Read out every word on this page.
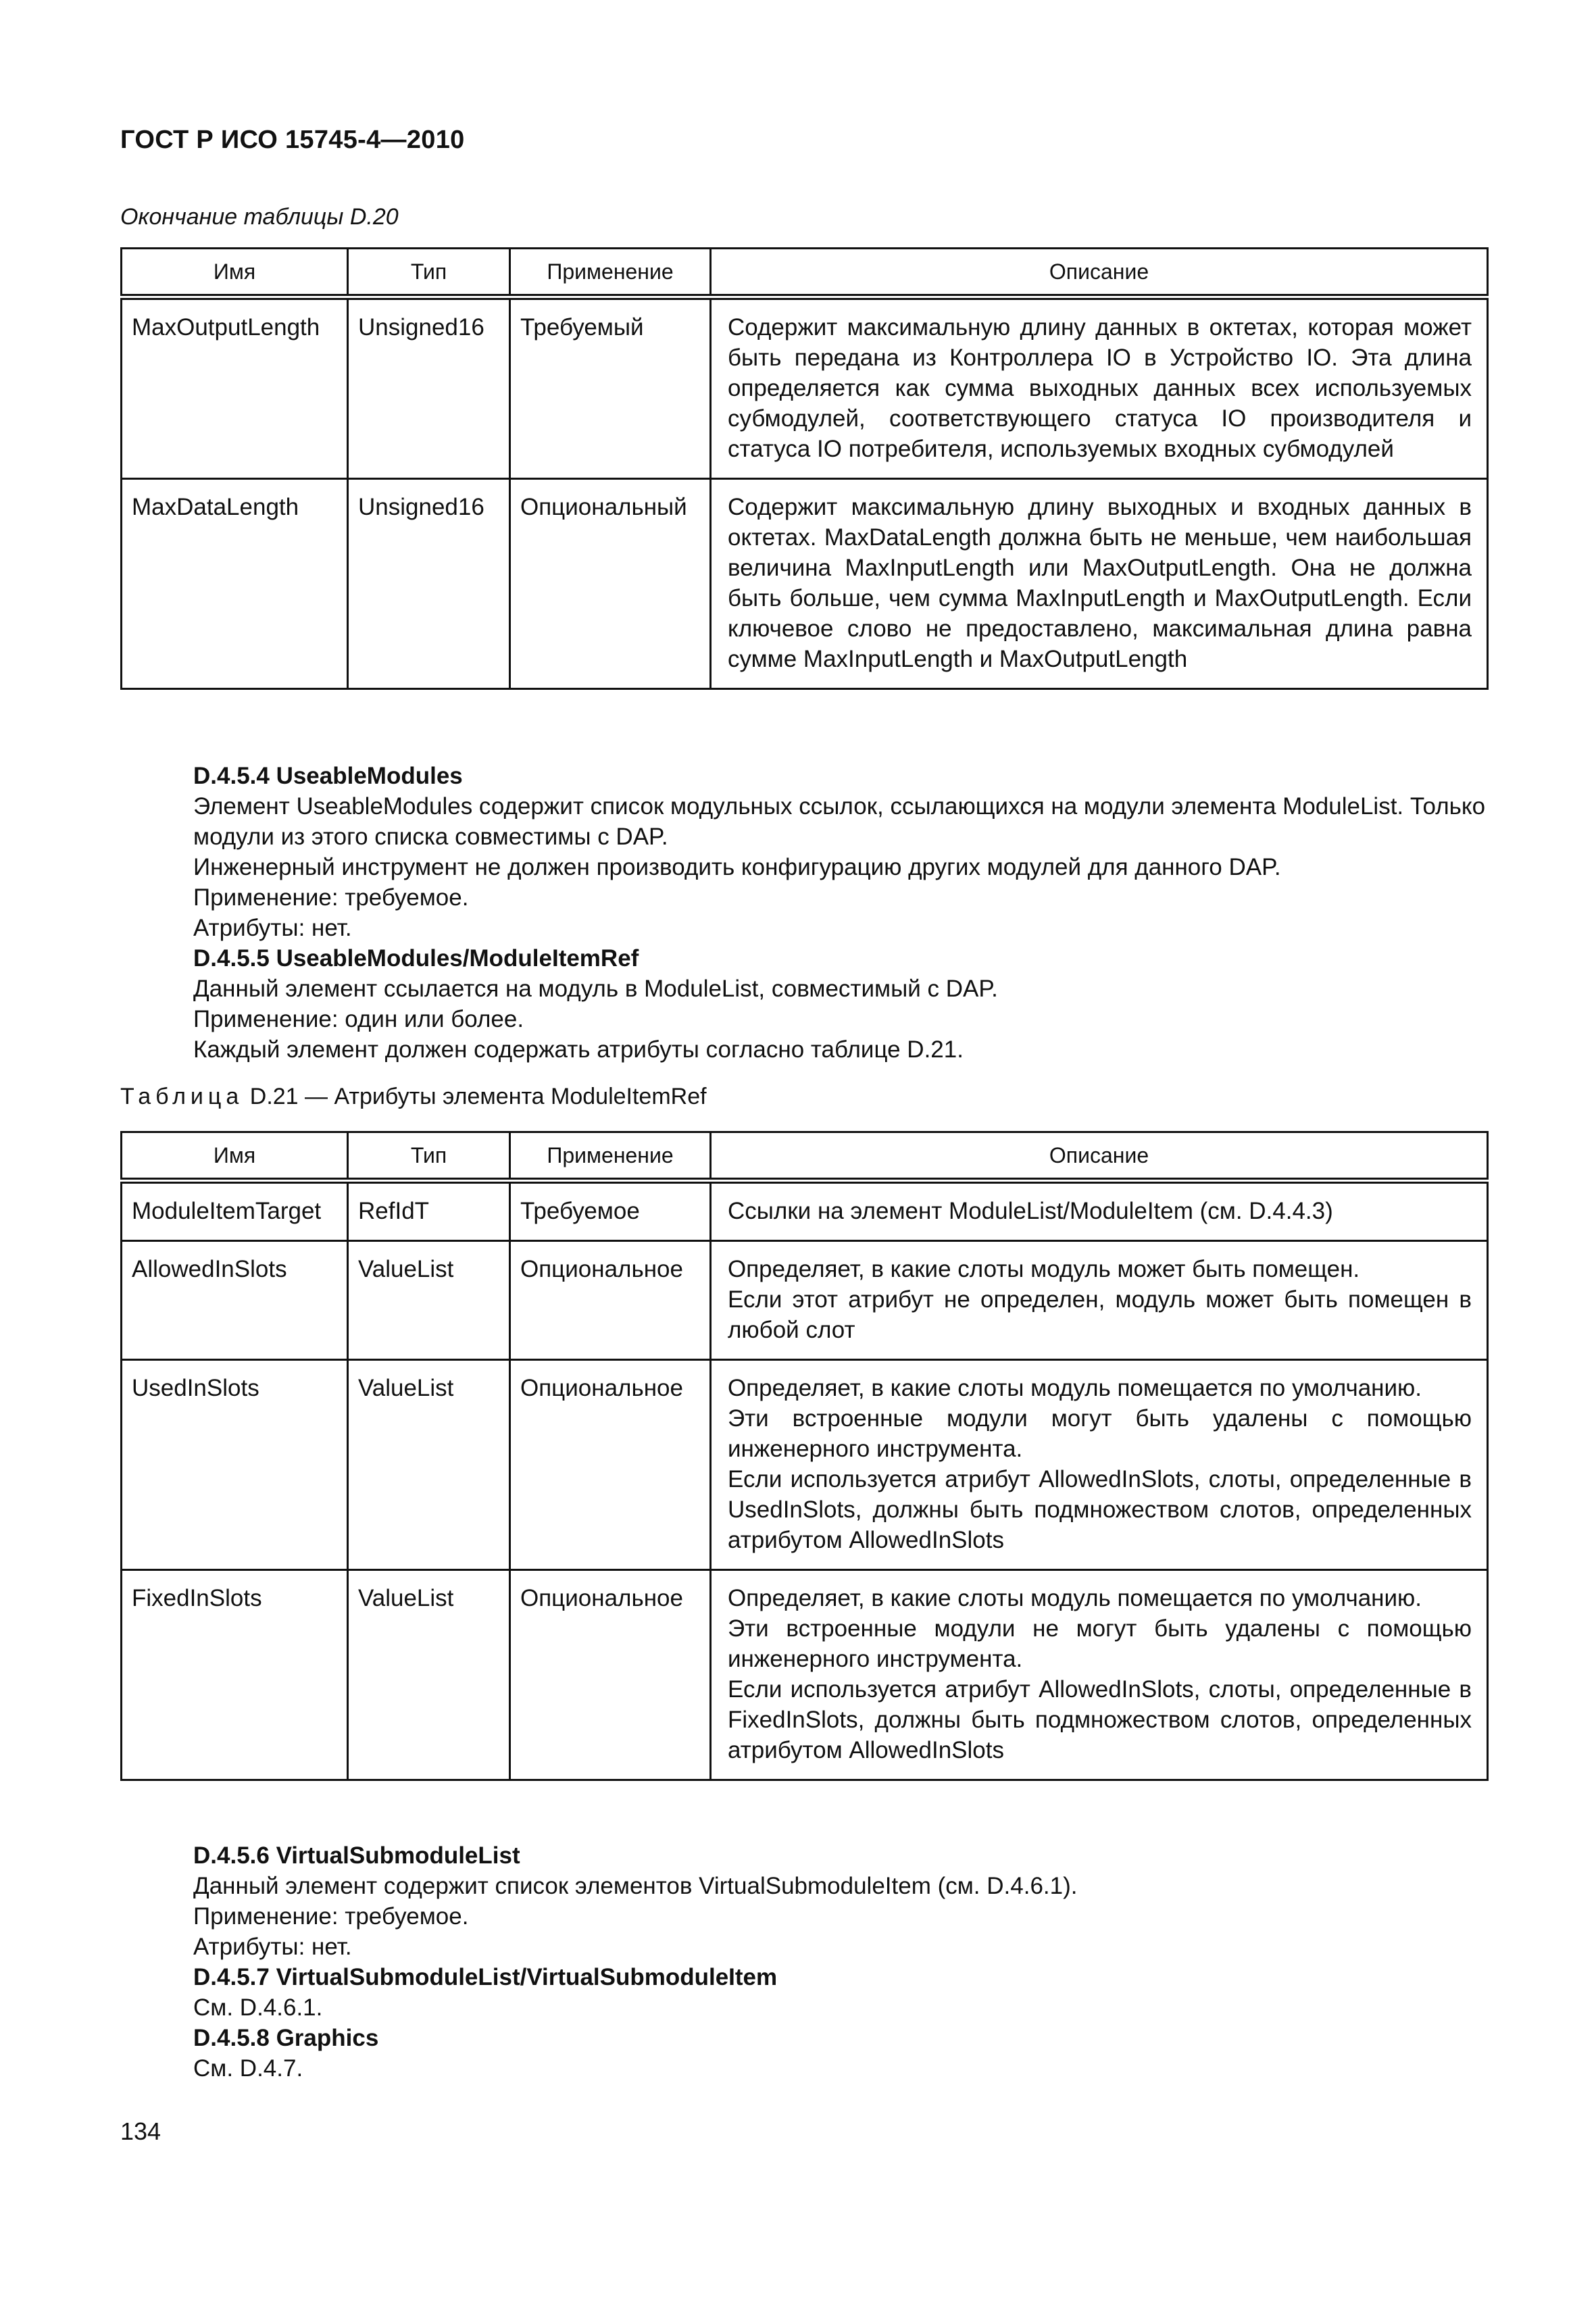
ГОСТ Р ИСО 15745-4—2010
Окончание таблицы D.20
Имя	Тип	Применение	Описание
MaxOutputLength	Unsigned16	Требуемый	Содержит максимальную длину данных в октетах, которая может быть передана из Контроллера IO в Устройство IO. Эта длина определяется как сумма выходных данных всех используемых субмодулей, соответствующего статуса IO производителя и статуса IO потребителя, используемых входных субмодулей
MaxDataLength	Unsigned16	Опциональный	Содержит максимальную длину выходных и входных данных в октетах. MaxDataLength должна быть не меньше, чем наибольшая величина MaxInputLength или MaxOutputLength. Она не должна быть больше, чем сумма MaxInputLength и MaxOutputLength. Если ключевое слово не предоставлено, максимальная длина равна сумме MaxInputLength и MaxOutputLength

D.4.5.4 UseableModules

Элемент UseableModules содержит список модульных ссылок, ссылающихся на модули элемента ModuleList. Только модули из этого списка совместимы с DAP.

Инженерный инструмент не должен производить конфигурацию других модулей для данного DAP.

Применение: требуемое.

Атрибуты: нет.

D.4.5.5 UseableModules/ModuleItemRef

Данный элемент ссылается на модуль в ModuleList, совместимый с DAP.

Применение: один или более.

Каждый элемент должен содержать атрибуты согласно таблице D.21.

Таблица D.21 — Атрибуты элемента ModuleItemRef
Имя	Тип	Применение	Описание
ModuleItemTarget	RefIdT	Требуемое	Ссылки на элемент ModuleList/ModuleItem (см. D.4.4.3)
AllowedInSlots	ValueList	Опциональное	Определяет, в какие слоты модуль может быть помещен.
Если этот атрибут не определен, модуль может быть помещен в любой слот

UsedInSlots	ValueList	Опциональное	Определяет, в какие слоты модуль помещается по умолчанию.
Эти встроенные модули могут быть удалены с помощью инженерного инструмента.
Если используется атрибут AllowedInSlots, слоты, определенные в UsedInSlots, должны быть подмножеством слотов, определенных атрибутом AllowedInSlots

FixedInSlots	ValueList	Опциональное	Определяет, в какие слоты модуль помещается по умолчанию.
Эти встроенные модули не могут быть удалены с помощью инженерного инструмента.
Если используется атрибут AllowedInSlots, слоты, определенные в FixedInSlots, должны быть подмножеством слотов, определенных атрибутом AllowedInSlots

D.4.5.6 VirtualSubmoduleList

Данный элемент содержит список элементов VirtualSubmoduleItem (см. D.4.6.1).

Применение: требуемое.

Атрибуты: нет.

D.4.5.7 VirtualSubmoduleList/VirtualSubmoduleItem

См. D.4.6.1.

D.4.5.8 Graphics

См. D.4.7.

134
